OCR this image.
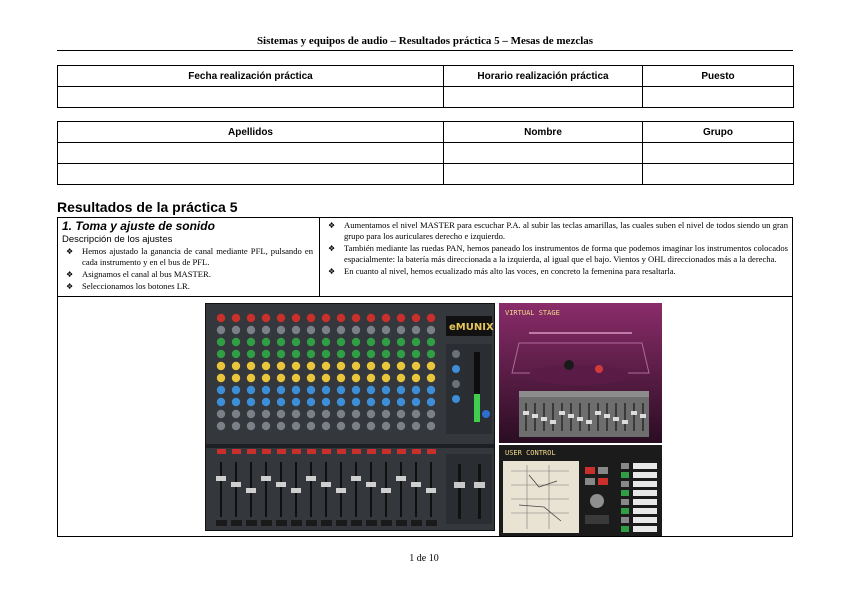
Sistemas y equipos de audio – Resultados práctica 5 – Mesas de mezclas
Fecha realización práctica	Horario realización práctica	Puesto

Apellidos	Nombre	Grupo

Resultados de la práctica 5
1. Toma y ajuste de sonido
Descripción de los ajustes
❖ Hemos ajustado la ganancia de canal mediante PFL, pulsando en cada instrumento y en el bus de PFL.
❖ Asignamos el canal al bus MASTER.
❖ Seleccionamos los botones LR.
❖ Aumentamos el nivel MASTER para escuchar P.A. al subir las teclas amarillas, las cuales suben el nivel de todos siendo un gran grupo para los auriculares derecho e izquierdo.
❖ También mediante las ruedas PAN, hemos paneado los instrumentos de forma que podemos imaginar los instrumentos colocados espacialmente: la batería más direccionada a la izquierda, al igual que el bajo. Vientos y OHL direccionados más a la derecha.
❖ En cuanto al nivel, hemos ecualizado más alto las voces, en concreto la femenina para resaltarla.
eMUNIX
VIRTUAL STAGE
USER CONTROL
1 de 10
